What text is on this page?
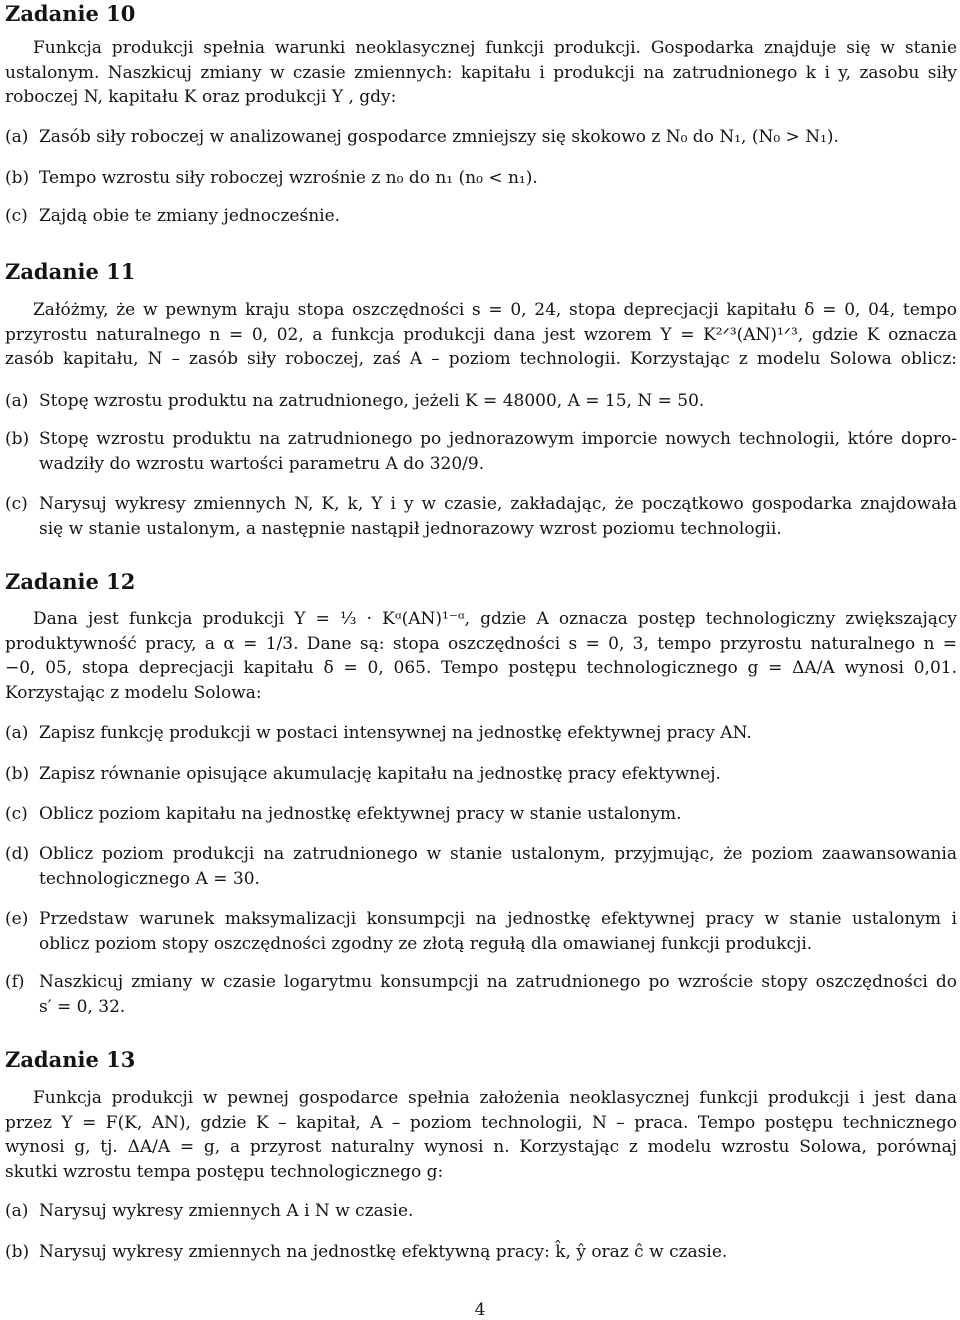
Zadanie 10
Funkcja produkcji spełnia warunki neoklasycznej funkcji produkcji. Gospodarka znajduje się w stanie
ustalonym. Naszkicuj zmiany w czasie zmiennych: kapitału i produkcji na zatrudnionego k i y, zasobu siły
roboczej N, kapitału K oraz produkcji Y , gdy:
(a) Zasób siły roboczej w analizowanej gospodarce zmniejszy się skokowo z N₀ do N₁, (N₀ > N₁).
(b) Tempo wzrostu siły roboczej wzrośnie z n₀ do n₁ (n₀ < n₁).
(c) Zajdą obie te zmiany jednocześnie.
Zadanie 11
Załóżmy, że w pewnym kraju stopa oszczędności s = 0, 24, stopa deprecjacji kapitału δ = 0, 04, tempo
przyrostu naturalnego n = 0, 02, a funkcja produkcji dana jest wzorem Y = K²ᐟ³(AN)¹ᐟ³, gdzie K oznacza
zasób kapitału, N – zasób siły roboczej, zaś A – poziom technologii. Korzystając z modelu Solowa oblicz:
(a) Stopę wzrostu produktu na zatrudnionego, jeżeli K = 48000, A = 15, N = 50.
(b) Stopę wzrostu produktu na zatrudnionego po jednorazowym imporcie nowych technologii, które dopro-
wadziły do wzrostu wartości parametru A do 320/9.
(c) Narysuj wykresy zmiennych N, K, k, Y i y w czasie, zakładając, że początkowo gospodarka znajdowała
się w stanie ustalonym, a następnie nastąpił jednorazowy wzrost poziomu technologii.
Zadanie 12
Dana jest funkcja produkcji Y = ⅓ · Kᵅ(AN)¹⁻ᵅ, gdzie A oznacza postęp technologiczny zwiększający
produktywność pracy, a α = 1/3. Dane są: stopa oszczędności s = 0, 3, tempo przyrostu naturalnego n =
−0, 05, stopa deprecjacji kapitału δ = 0, 065. Tempo postępu technologicznego g = ΔA/A wynosi 0,01.
Korzystając z modelu Solowa:
(a) Zapisz funkcję produkcji w postaci intensywnej na jednostkę efektywnej pracy AN.
(b) Zapisz równanie opisujące akumulację kapitału na jednostkę pracy efektywnej.
(c) Oblicz poziom kapitału na jednostkę efektywnej pracy w stanie ustalonym.
(d) Oblicz poziom produkcji na zatrudnionego w stanie ustalonym, przyjmując, że poziom zaawansowania
technologicznego A = 30.
(e) Przedstaw warunek maksymalizacji konsumpcji na jednostkę efektywnej pracy w stanie ustalonym i
oblicz poziom stopy oszczędności zgodny ze złotą regułą dla omawianej funkcji produkcji.
(f) Naszkicuj zmiany w czasie logarytmu konsumpcji na zatrudnionego po wzroście stopy oszczędności do
s′ = 0, 32.
Zadanie 13
Funkcja produkcji w pewnej gospodarce spełnia założenia neoklasycznej funkcji produkcji i jest dana
przez Y = F(K, AN), gdzie K – kapitał, A – poziom technologii, N – praca. Tempo postępu technicznego
wynosi g, tj. ΔA/A = g, a przyrost naturalny wynosi n. Korzystając z modelu wzrostu Solowa, porównaj
skutki wzrostu tempa postępu technologicznego g:
(a) Narysuj wykresy zmiennych A i N w czasie.
(b) Narysuj wykresy zmiennych na jednostkę efektywną pracy: k̂, ŷ oraz ĉ w czasie.
4
